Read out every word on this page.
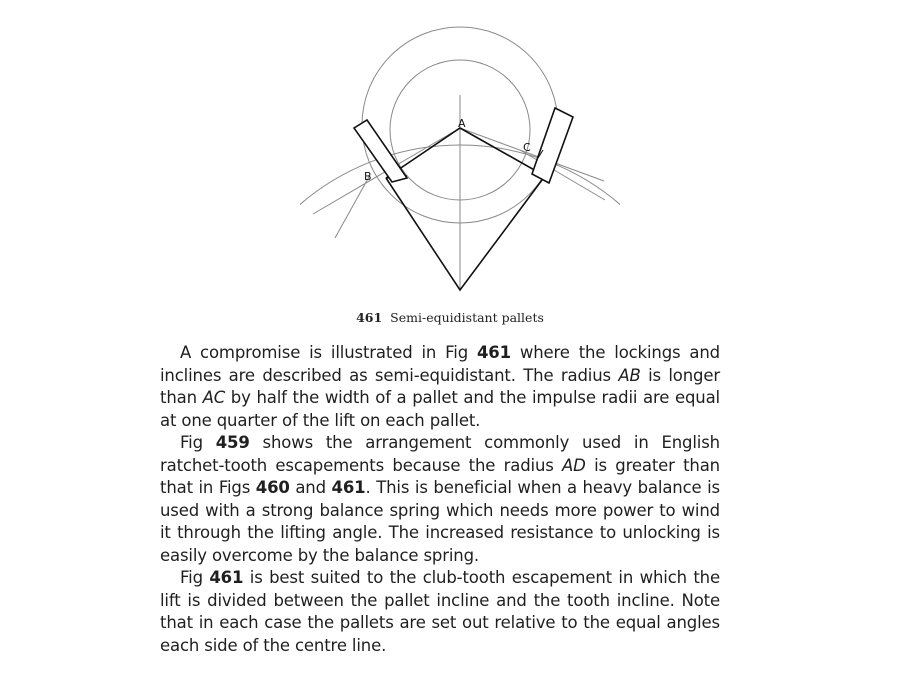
A
B
C
461 Semi-equidistant pallets

A compromise is illustrated in Fig 461 where the lockings and inclines are described as semi-equidistant. The radius AB is longer than AC by half the width of a pallet and the impulse radii are equal at one quarter of the lift on each pallet.

Fig 459 shows the arrangement commonly used in English ratchet-tooth escapements because the radius AD is greater than that in Figs 460 and 461. This is beneficial when a heavy balance is used with a strong balance spring which needs more power to wind it through the lifting angle. The increased resistance to unlocking is easily overcome by the balance spring.

Fig 461 is best suited to the club-tooth escapement in which the lift is divided between the pallet incline and the tooth incline. Note that in each case the pallets are set out relative to the equal angles each side of the centre line.
